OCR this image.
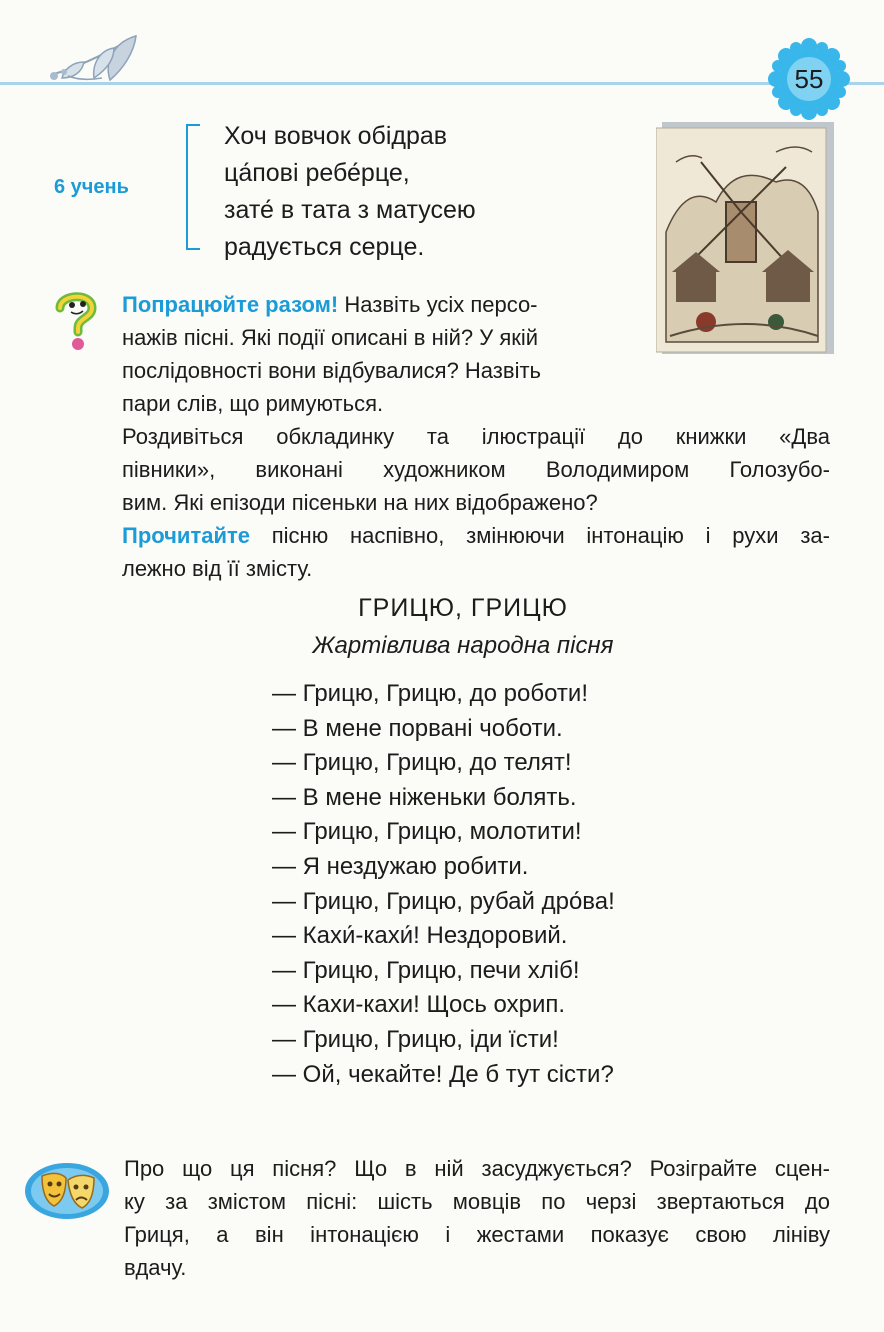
55
6 учень
Хоч вовчок обідрав
ца́пові ребе́рце,
зате́ в тата з матусею
радується серце.
Попрацюйте разом! Назвіть усіх персо-
нажів пісні. Які події описані в ній? У якій
послідовності вони відбувалися? Назвіть
пари слів, що римуються.
Роздивіться обкладинку та ілюстрації до книжки «Два
півники», виконані художником Володимиром Голозубо-
вим. Які епізоди пісеньки на них відображено?
Прочитайте пісню наспівно, змінюючи інтонацію і рухи за-
лежно від її змісту.
ГРИЦЮ, ГРИЦЮ
Жартівлива народна пісня
— Грицю, Грицю, до роботи!
— В мене порвані чоботи.
— Грицю, Грицю, до телят!
— В мене ніженьки болять.
— Грицю, Грицю, молотити!
— Я нездужаю робити.
— Грицю, Грицю, рубай дро́ва!
— Кахи́-кахи́! Нездоровий.
— Грицю, Грицю, печи хліб!
— Кахи-кахи! Щось охрип.
— Грицю, Грицю, іди їсти!
— Ой, чекайте! Де б тут сісти?
Про що ця пісня? Що в ній засуджується? Розіграйте сцен-
ку за змістом пісні: шість мовців по черзі звертаються до
Гриця, а він інтонацією і жестами показує свою лініву
вдачу.
